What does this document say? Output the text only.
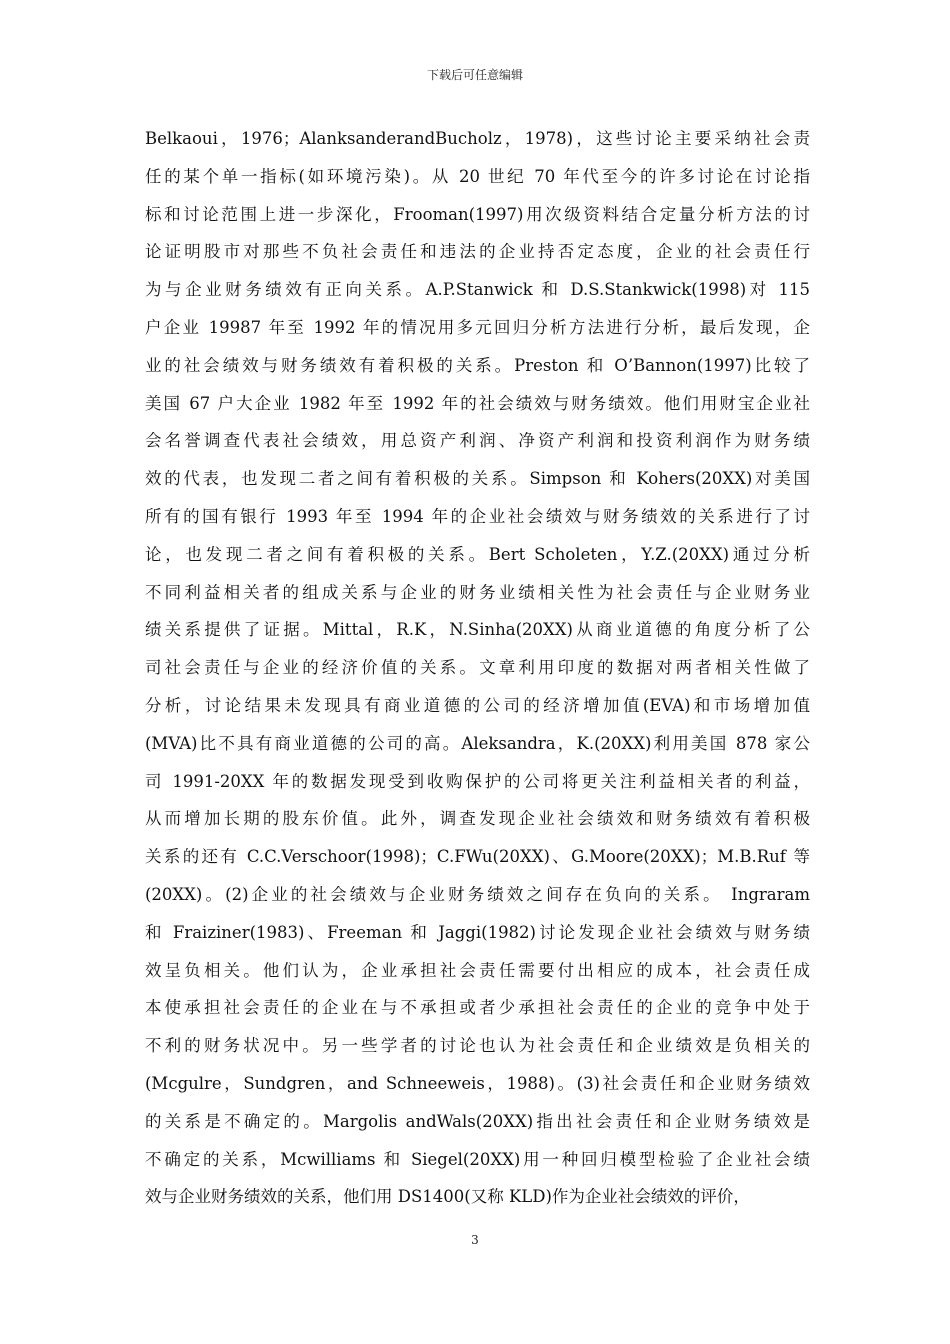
下载后可任意编辑
Belkaoui，1976；AlanksanderandBucholz，1978)，这些讨论主要采纳社会责
任的某个单一指标(如环境污染)。从 20 世纪 70 年代至今的许多讨论在讨论指
标和讨论范围上进一步深化，Frooman(1997)用次级资料结合定量分析方法的讨
论证明股市对那些不负社会责任和违法的企业持否定态度，企业的社会责任行
为与企业财务绩效有正向关系。A.P.Stanwick 和 D.S.Stankwick(1998)对 115
户企业 19987 年至 1992 年的情况用多元回归分析方法进行分析，最后发现，企
业的社会绩效与财务绩效有着积极的关系。Preston 和 O’Bannon(1997)比较了
美国 67 户大企业 1982 年至 1992 年的社会绩效与财务绩效。他们用财宝企业社
会名誉调查代表社会绩效，用总资产利润、净资产利润和投资利润作为财务绩
效的代表，也发现二者之间有着积极的关系。Simpson 和 Kohers(20XX)对美国
所有的国有银行 1993 年至 1994 年的企业社会绩效与财务绩效的关系进行了讨
论，也发现二者之间有着积极的关系。Bert Scholeten，Y.Z.(20XX)通过分析
不同利益相关者的组成关系与企业的财务业绩相关性为社会责任与企业财务业
绩关系提供了证据。Mittal，R.K，N.Sinha(20XX)从商业道德的角度分析了公
司社会责任与企业的经济价值的关系。文章利用印度的数据对两者相关性做了
分析，讨论结果未发现具有商业道德的公司的经济增加值(EVA)和市场增加值
(MVA)比不具有商业道德的公司的高。Aleksandra，K.(20XX)利用美国 878 家公
司 1991-20XX 年的数据发现受到收购保护的公司将更关注利益相关者的利益，
从而增加长期的股东价值。此外，调查发现企业社会绩效和财务绩效有着积极
关系的还有 C.C.Verschoor(1998)；C.FWu(20XX)、G.Moore(20XX)；M.B.Ruf 等
(20XX)。(2)企业的社会绩效与企业财务绩效之间存在负向的关系。 Ingraram
和 Fraiziner(1983)、Freeman 和 Jaggi(1982)讨论发现企业社会绩效与财务绩
效呈负相关。他们认为，企业承担社会责任需要付出相应的成本，社会责任成
本使承担社会责任的企业在与不承担或者少承担社会责任的企业的竞争中处于
不利的财务状况中。另一些学者的讨论也认为社会责任和企业绩效是负相关的
(Mcgulre，Sundgren，and Schneeweis，1988)。(3)社会责任和企业财务绩效
的关系是不确定的。Margolis andWals(20XX)指出社会责任和企业财务绩效是
不确定的关系，Mcwilliams 和 Siegel(20XX)用一种回归模型检验了企业社会绩
效与企业财务绩效的关系，他们用 DS1400(又称 KLD)作为企业社会绩效的评价，
3
